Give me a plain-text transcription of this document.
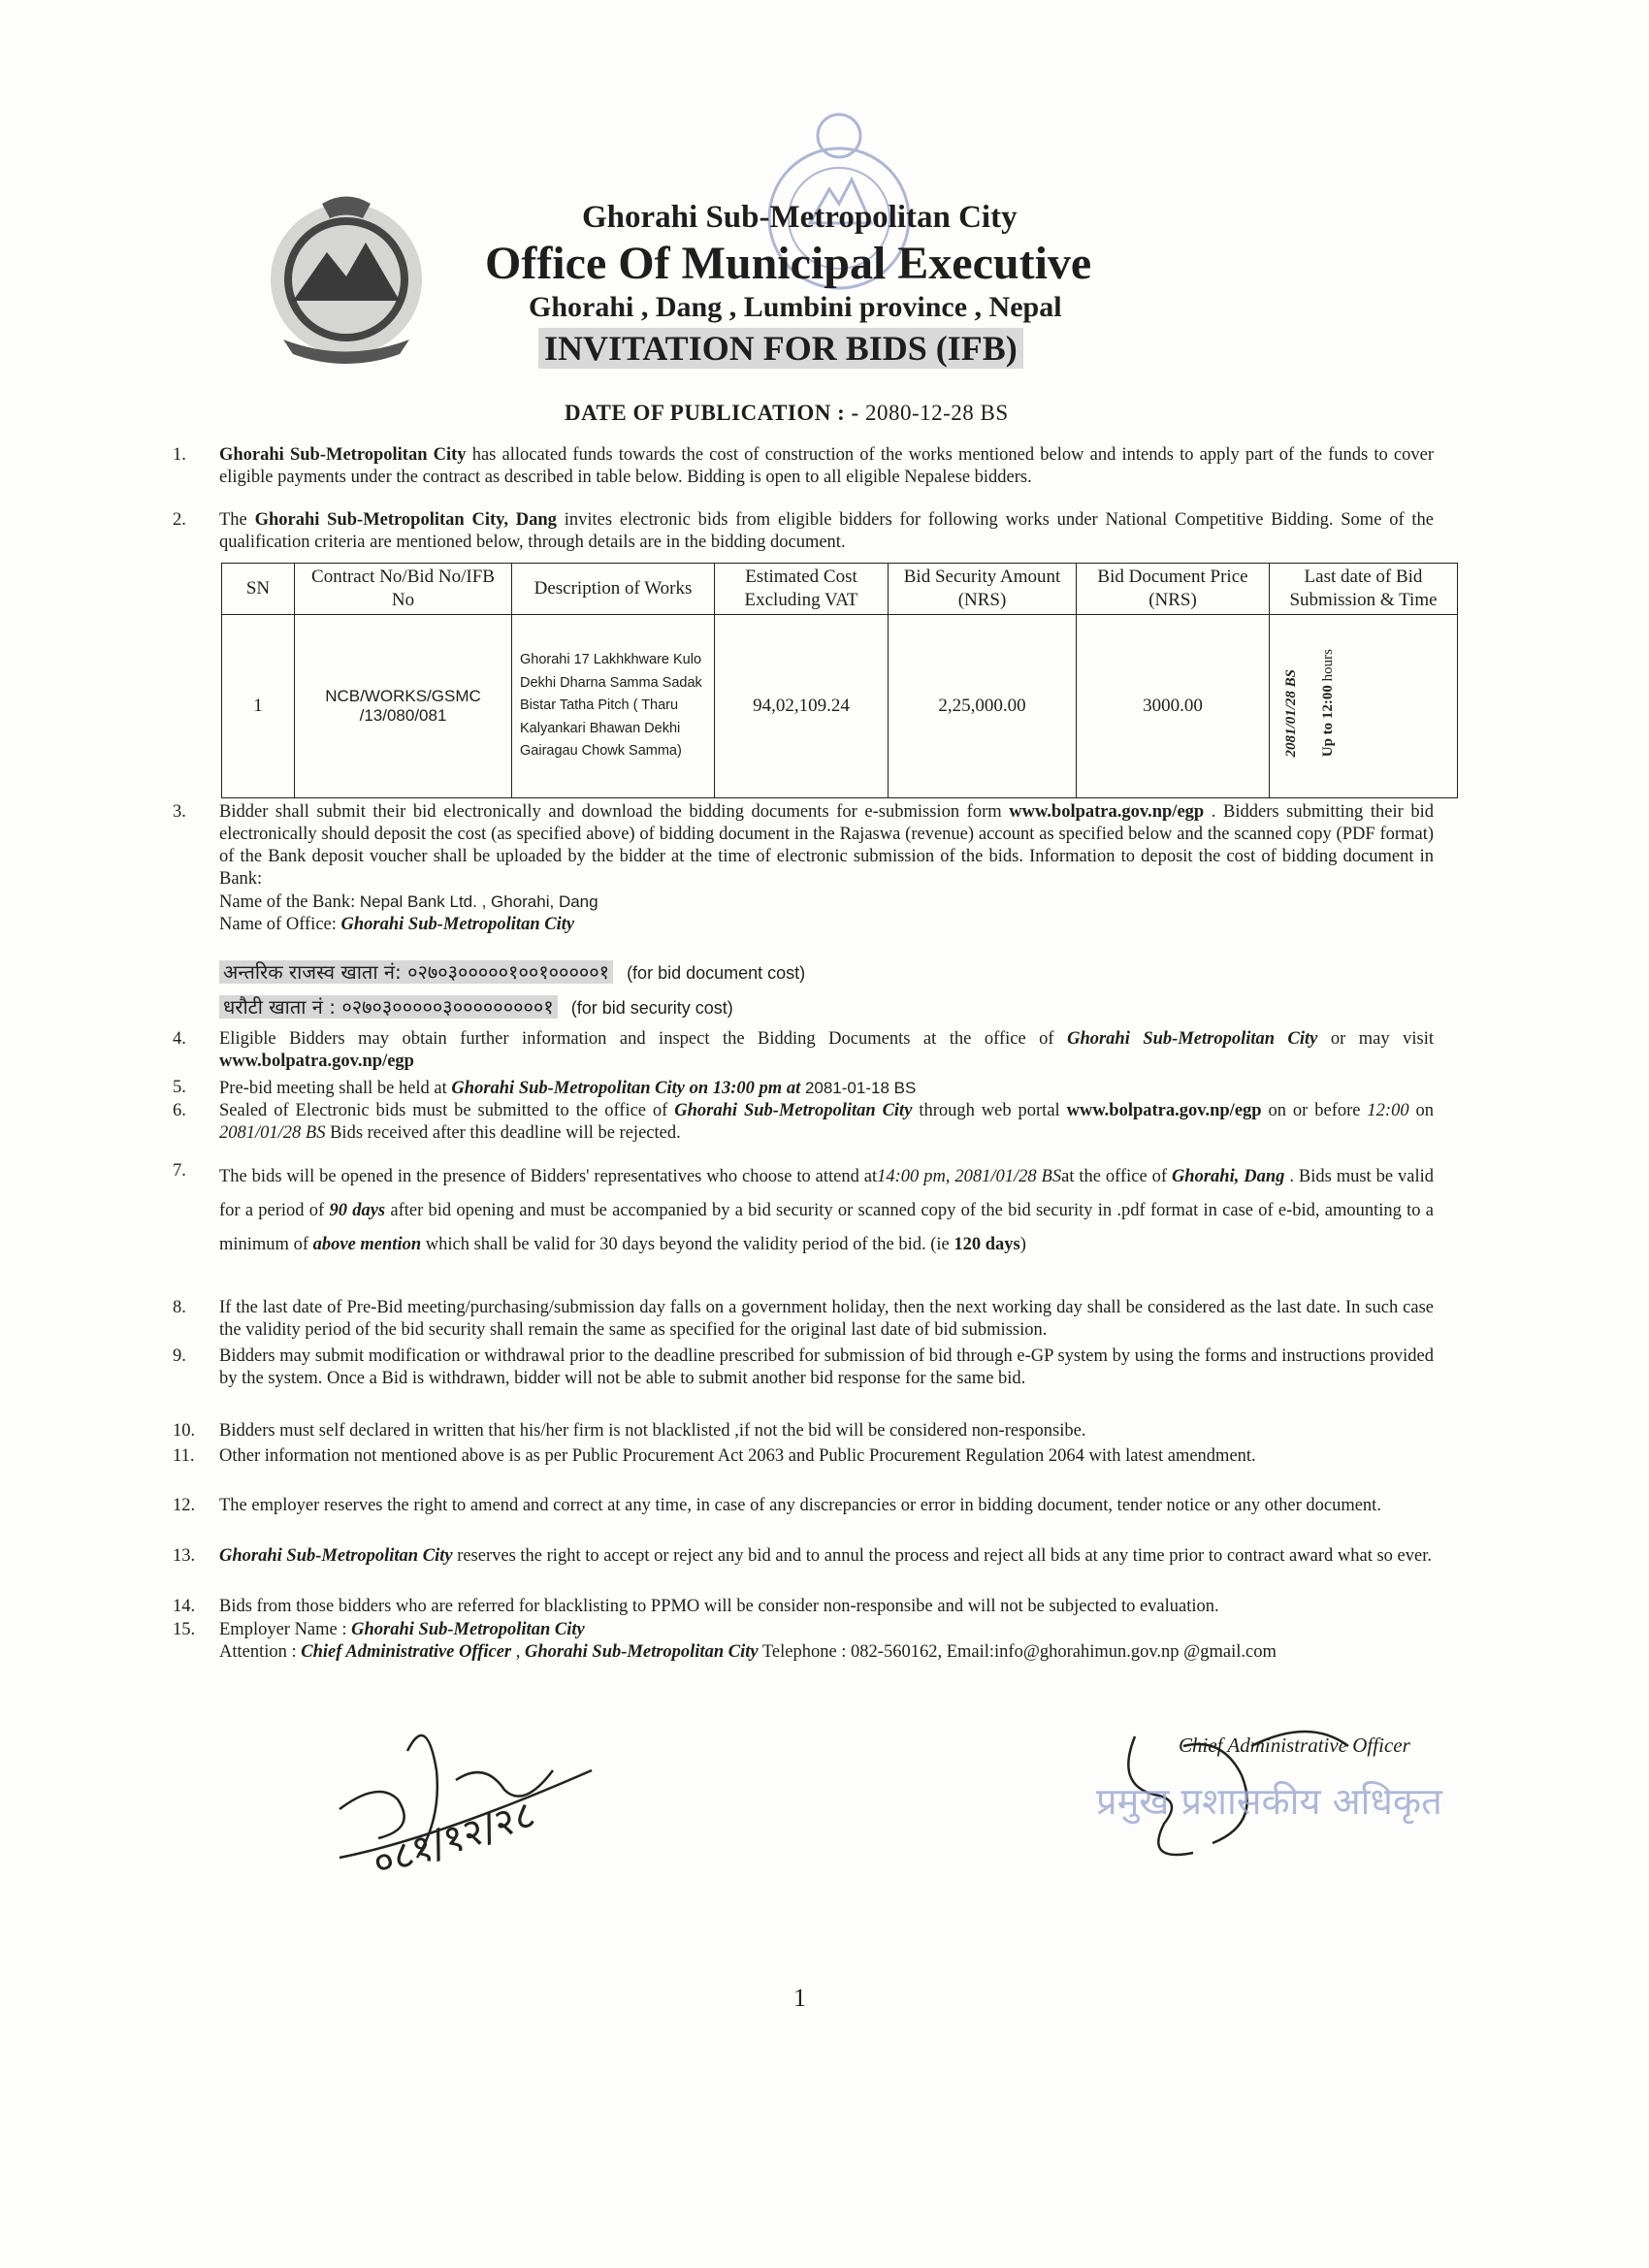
Ghorahi Sub-Metropolitan City
Office Of Municipal Executive
Ghorahi , Dang , Lumbini province , Nepal
INVITATION FOR BIDS (IFB)
DATE OF PUBLICATION : - 2080-12-28 BS
1.	Ghorahi Sub-Metropolitan City has allocated funds towards the cost of construction of the works mentioned below and intends to apply part of the funds to cover eligible payments under the contract as described in table below. Bidding is open to all eligible Nepalese bidders.
2.	The Ghorahi Sub-Metropolitan City, Dang invites electronic bids from eligible bidders for following works under National Competitive Bidding. Some of the qualification criteria are mentioned below, through details are in the bidding document.
SN	Contract No/Bid No/IFB No	Description of Works	Estimated Cost Excluding VAT	Bid Security Amount (NRS)	Bid Document Price (NRS)	Last date of Bid Submission & Time
1	NCB/WORKS/GSMC /13/080/081	Ghorahi 17 Lakhkhware Kulo Dekhi Dharna Samma Sadak Bistar Tatha Pitch ( Tharu Kalyankari Bhawan Dekhi Gairagau Chowk Samma)	94,02,109.24	2,25,000.00	3000.00	2081/01/28 BS Up to 12:00 hours
3.	Bidder shall submit their bid electronically and download the bidding documents for e-submission form www.bolpatra.gov.np/egp . Bidders submitting their bid electronically should deposit the cost (as specified above) of bidding document in the Rajaswa (revenue) account as specified below and the scanned copy (PDF format) of the Bank deposit voucher shall be uploaded by the bidder at the time of electronic submission of the bids. Information to deposit the cost of bidding document in Bank:
Name of the Bank: Nepal Bank Ltd. , Ghorahi, Dang
Name of Office: Ghorahi Sub-Metropolitan City
अन्तरिक राजस्व खाता नं: ०२७०३०००००१००१०००००१ (for bid document cost)
धरौटी खाता नं : ०२७०३०००००३०००००००००१ (for bid security cost)
4.	Eligible Bidders may obtain further information and inspect the Bidding Documents at the office of Ghorahi Sub-Metropolitan City or may visit www.bolpatra.gov.np/egp
5.	Pre-bid meeting shall be held at Ghorahi Sub-Metropolitan City on 13:00 pm at 2081-01-18 BS
6.	Sealed of Electronic bids must be submitted to the office of Ghorahi Sub-Metropolitan City through web portal www.bolpatra.gov.np/egp on or before 12:00 on 2081/01/28 BS Bids received after this deadline will be rejected.
7.	The bids will be opened in the presence of Bidders' representatives who choose to attend at14:00 pm, 2081/01/28 BSat the office of Ghorahi, Dang . Bids must be valid for a period of 90 days after bid opening and must be accompanied by a bid security or scanned copy of the bid security in .pdf format in case of e-bid, amounting to a minimum of above mention which shall be valid for 30 days beyond the validity period of the bid. (ie 120 days)
8.	If the last date of Pre-Bid meeting/purchasing/submission day falls on a government holiday, then the next working day shall be considered as the last date. In such case the validity period of the bid security shall remain the same as specified for the original last date of bid submission.
9.	Bidders may submit modification or withdrawal prior to the deadline prescribed for submission of bid through e-GP system by using the forms and instructions provided by the system. Once a Bid is withdrawn, bidder will not be able to submit another bid response for the same bid.
10.	Bidders must self declared in written that his/her firm is not blacklisted ,if not the bid will be considered non-responsibe.
11.	Other information not mentioned above is as per Public Procurement Act 2063 and Public Procurement Regulation 2064 with latest amendment.
12.	The employer reserves the right to amend and correct at any time, in case of any discrepancies or error in bidding document, tender notice or any other document.
13.	Ghorahi Sub-Metropolitan City reserves the right to accept or reject any bid and to annul the process and reject all bids at any time prior to contract award what so ever.
14.	Bids from those bidders who are referred for blacklisting to PPMO will be consider non-responsibe and will not be subjected to evaluation.
15.	Employer Name : Ghorahi Sub-Metropolitan City
Attention : Chief Administrative Officer , Ghorahi Sub-Metropolitan City Telephone : 082-560162, Email:info@ghorahimun.gov.np @gmail.com
०८१/१२/२८
Chief Administrative Officer
प्रमुख प्रशासकीय अधिकृत
1
